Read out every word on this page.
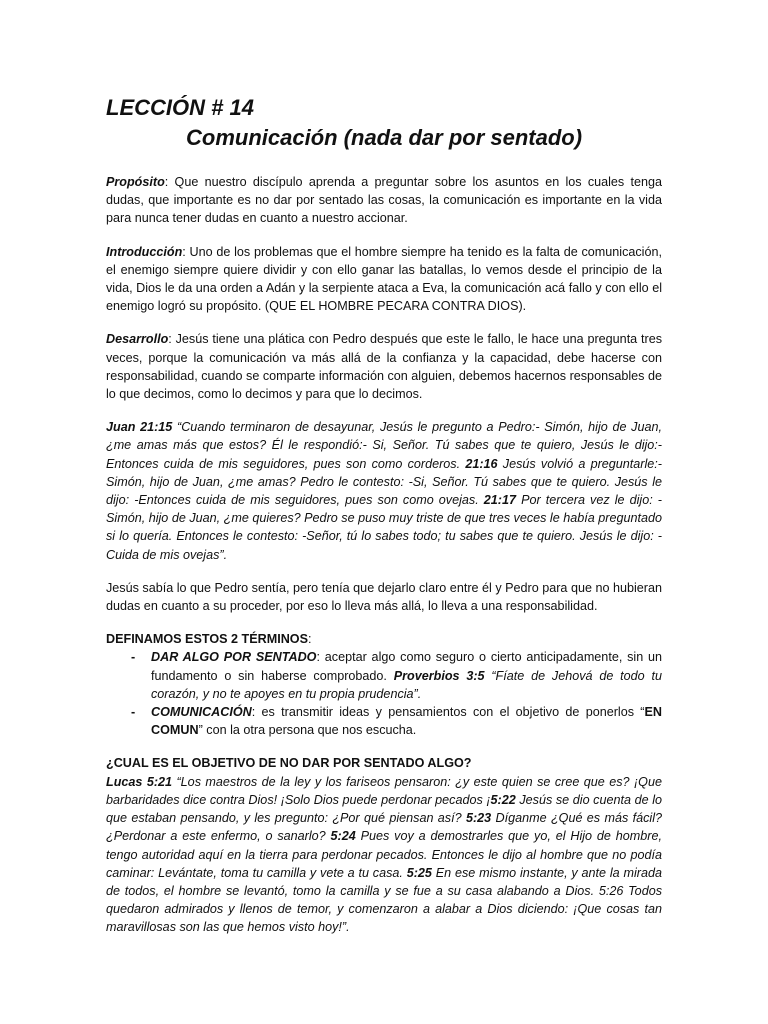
LECCIÓN # 14
Comunicación (nada dar por sentado)

Propósito: Que nuestro discípulo aprenda a preguntar sobre los asuntos en los cuales tenga dudas, que importante es no dar por sentado las cosas, la comunicación es importante en la vida para nunca tener dudas en cuanto a nuestro accionar.

Introducción: Uno de los problemas que el hombre siempre ha tenido es la falta de comunicación, el enemigo siempre quiere dividir y con ello ganar las batallas, lo vemos desde el principio de la vida, Dios le da una orden a Adán y la serpiente ataca a Eva, la comunicación acá fallo y con ello el enemigo logró su propósito. (QUE EL HOMBRE PECARA CONTRA DIOS).

Desarrollo: Jesús tiene una plática con Pedro después que este le fallo, le hace una pregunta tres veces, porque la comunicación va más allá de la confianza y la capacidad, debe hacerse con responsabilidad, cuando se comparte información con alguien, debemos hacernos responsables de lo que decimos, como lo decimos y para que lo decimos.

Juan 21:15 “Cuando terminaron de desayunar, Jesús le pregunto a Pedro:- Simón, hijo de Juan, ¿me amas más que estos? Él le respondió:- Si, Señor. Tú sabes que te quiero, Jesús le dijo:- Entonces cuida de mis seguidores, pues son como corderos. 21:16 Jesús volvió a preguntarle:- Simón, hijo de Juan, ¿me amas? Pedro le contesto: -Si, Señor. Tú sabes que te quiero. Jesús le dijo: -Entonces cuida de mis seguidores, pues son como ovejas. 21:17 Por tercera vez le dijo: -Simón, hijo de Juan, ¿me quieres? Pedro se puso muy triste de que tres veces le había preguntado si lo quería. Entonces le contesto: -Señor, tú lo sabes todo; tu sabes que te quiero. Jesús le dijo: -Cuida de mis ovejas”.

Jesús sabía lo que Pedro sentía, pero tenía que dejarlo claro entre él y Pedro para que no hubieran dudas en cuanto a su proceder, por eso lo lleva más allá, lo lleva a una responsabilidad.

DEFINAMOS ESTOS 2 TÉRMINOS:

- DAR ALGO POR SENTADO: aceptar algo como seguro o cierto anticipadamente, sin un fundamento o sin haberse comprobado. Proverbios 3:5 “Fíate de Jehová de todo tu corazón, y no te apoyes en tu propia prudencia”.
- COMUNICACIÓN: es transmitir ideas y pensamientos con el objetivo de ponerlos “EN COMUN” con la otra persona que nos escucha.

¿CUAL ES EL OBJETIVO DE NO DAR POR SENTADO ALGO?

Lucas 5:21 “Los maestros de la ley y los fariseos pensaron: ¿y este quien se cree que es? ¡Que barbaridades dice contra Dios! ¡Solo Dios puede perdonar pecados ¡5:22 Jesús se dio cuenta de lo que estaban pensando, y les pregunto: ¿Por qué piensan así? 5:23 Díganme ¿Qué es más fácil? ¿Perdonar a este enfermo, o sanarlo? 5:24 Pues voy a demostrarles que yo, el Hijo de hombre, tengo autoridad aquí en la tierra para perdonar pecados. Entonces le dijo al hombre que no podía caminar: Levántate, toma tu camilla y vete a tu casa. 5:25 En ese mismo instante, y ante la mirada de todos, el hombre se levantó, tomo la camilla y se fue a su casa alabando a Dios. 5:26 Todos quedaron admirados y llenos de temor, y comenzaron a alabar a Dios diciendo: ¡Que cosas tan maravillosas son las que hemos visto hoy!”.
